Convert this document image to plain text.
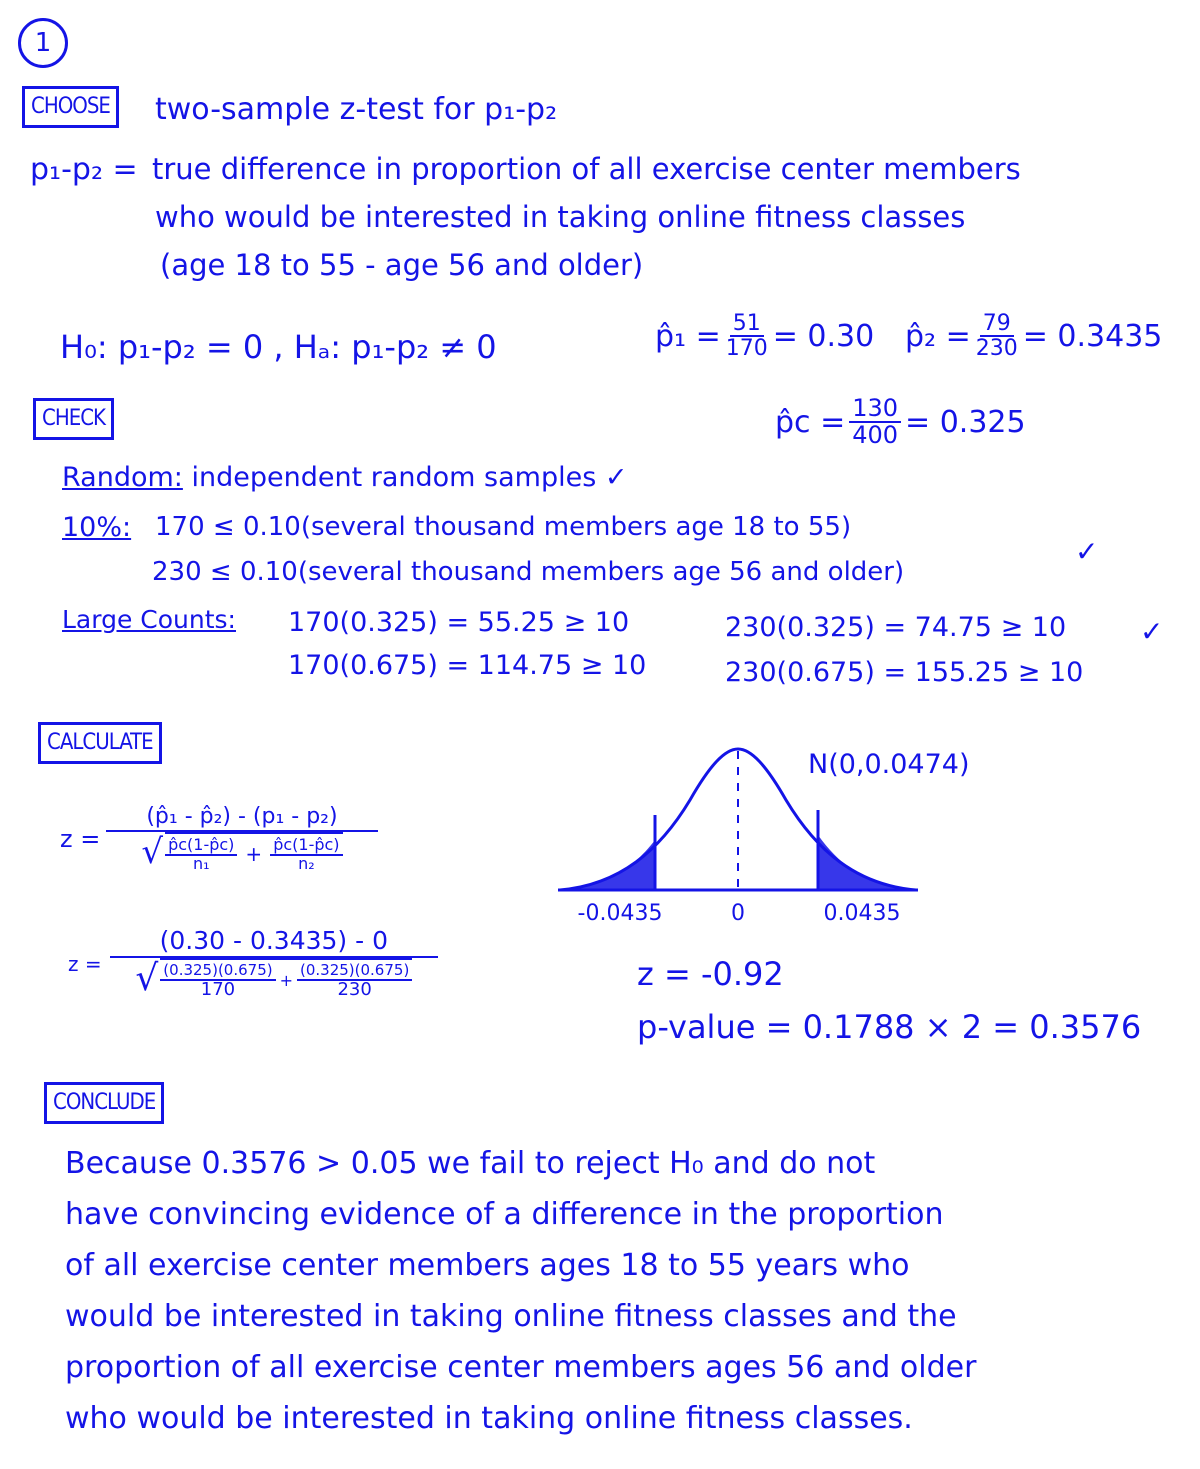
1
CHOOSE	two-sample z-test for p₁-p₂
p₁-p₂ = true difference in proportion of all exercise center members
who would be interested in taking online fitness classes
(age 18 to 55 - age 56 and older)
H₀: p₁-p₂ = 0 , Hₐ: p₁-p₂ ≠ 0	p̂₁ = $\frac{51}{170} = 0.30$ p̂₂ = $\frac{79}{230} = 0.3435$
p̂c = $\frac{130}{400} = 0.325$
CHECK
Random: independent random samples ✓
10%: 170 ≤ 0.10(several thousand members age 18 to 55)
230 ≤ 0.10(several thousand members age 56 and older)
✓
Large Counts: 170(0.325) = 55.25 ≥ 10
170(0.675) = 114.75 ≥ 10
230(0.325) = 74.75 ≥ 10
230(0.675) = 155.25 ≥ 10
✓
CALCULATE
z =
(p̂₁ - p̂₂) - (p₁ - p₂)
√ $\frac{p̂c(1-p̂c)}{\text{n₁}} + \frac{p̂c(1-p̂c)}{\text{n₂}}$
z =
(0.30 - 0.3435) - 0
√ $\frac{(0.325)(0.675)}{170} + \frac{(0.325)(0.675)}{230}$
-0.0435	0	0.0435
N(0,0.0474)
z = -0.92
p-value = 0.1788 × 2 = 0.3576
CONCLUDE
Because 0.3576 > 0.05 we fail to reject H₀ and do not
have convincing evidence of a difference in the proportion
of all exercise center members ages 18 to 55 years who
would be interested in taking online fitness classes and the
proportion of all exercise center members ages 56 and older
who would be interested in taking online fitness classes.
